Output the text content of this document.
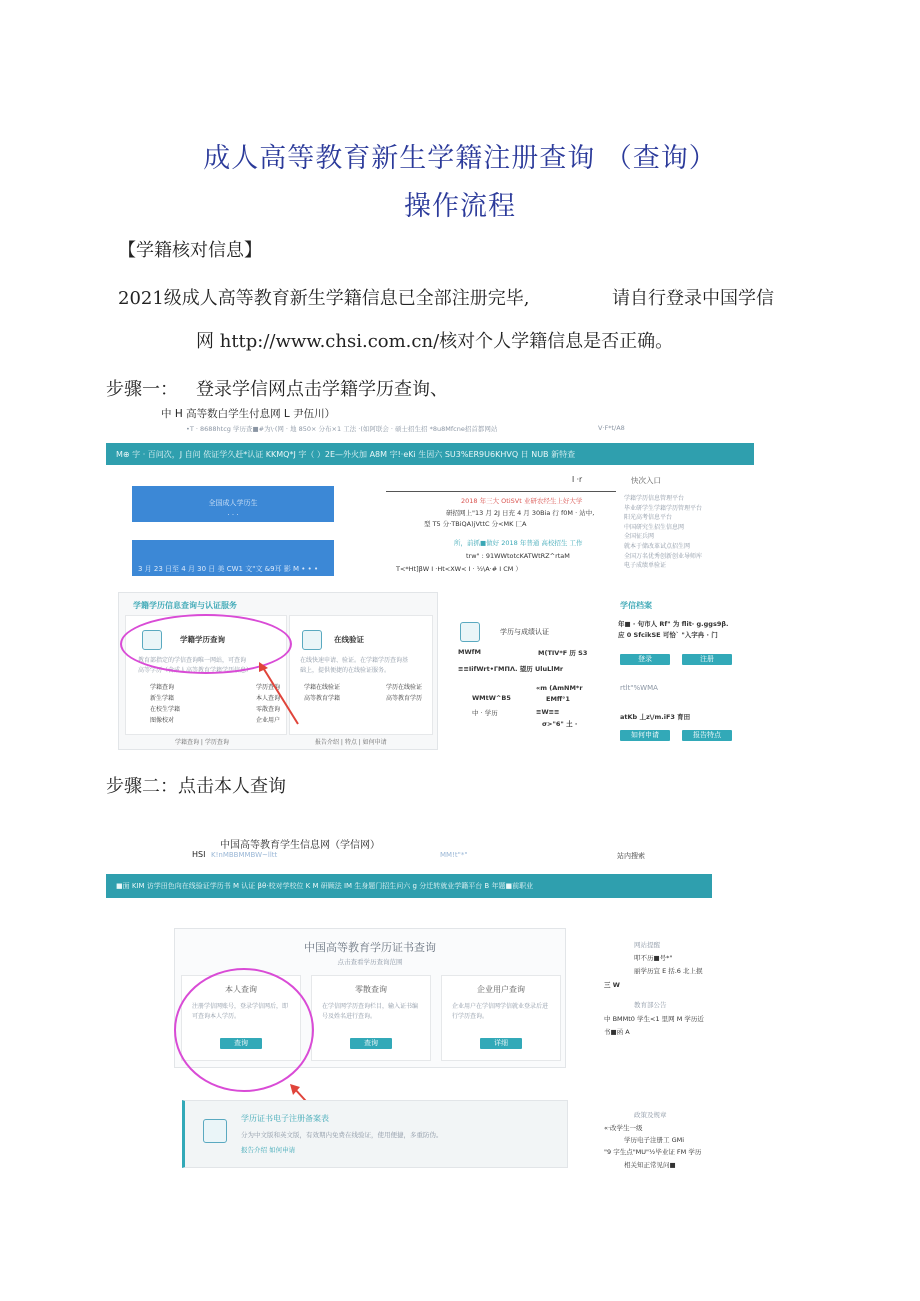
成人高等教育新生学籍注册查询 （查询）
操作流程
【学籍核对信息】
2021级成人高等教育新生学籍信息已全部注册完毕,	请自行登录中国学信
网 http://www.chsi.com.cn/核对个人学籍信息是否正确。
步骤一： 登录学信网点击学籍学历查询、
中 H 高等数白学生付息网 L 尹伍川）
•T · 8688htcg 学历查■#为\·(网 · 地 850× 分布×1 工法 ·(如阿联会 · 硕士招生招 *8u8Mfcne招首都网站	V·F*t/A8
M⊕ 字 · 百问次，J 自问 依证学久赶*认证 KKMQ*J 字（ ）2E—外火加 A8M 字!·eKi 生因六 SU3%ER9U6KHVQ 日 NUB 新特查
I ·r	快次入口
全国成人学历生
· · ·
3 月 23 日至 4 月 30 日 美 CW1 文"文 &9耳 影 M • • •
2018 年三大 OtiSVt 业研农经生上好大学
研招网上"13 月 2J 日充 4 月 30Bia 行 f0M · 站中,
型 T5 分·TBiQA)jVttC 分<MK 匚A
所，前抓■做好 2018 年普通 高校招生 工作
trw" : 91WWtotcKATWtRZ^rtaM
T<*Ht]βW I ·Ht<XW< I · ½\A·# I CM ）
学籍学历信息管理平台
毕业研学生学籍学历管理平台
阳光高考信息平台
中国研究生招生信息网
全国征兵网
就本于储改革试点招生网
全国万名优秀创新创业导师库
电子成绩单验证
学籍学历信息查询与认证服务
学籍学历查询
教育部指定的学信查询唯一网站，可查询
高等学历（含成人高等教育学籍学历信息）
学籍查询	学历查询
新生学籍	本人查询
在校生学籍	零散查询
图像校对	企业用户
在线验证
在线快速申请、验证。在学籍学历查询基
础上，提供便捷的在线验证服务。
学籍在线验证	学历在线验证
高等教育学籍	高等教育学历
学籍查询 | 学历查询	报告介绍 | 特点 | 如何申请
学历与成绩认证
MWfM	M(TIV*F 历 S3
≡≡IifWrt•ГMПΛ. 望历 UluLlMr
«m (AmNM*r
WMtW^B5	EMff°1
中 · 学历	≡W≡≡
σ>"6" 土 ·
学信档案
年■ · 句市人 Rf" 为 flit· g.ggs9β.
应 0 SfcikSE 可恰` "入字冉 · 门
登录	注册
rtlt"%WMA
atKb 丄z\/m.iF3 育田
如何申请	报告特点
步骤二：点击本人查询
中国高等教育学生信息网（学信网）
HSI K!nMBBMMBW~lltt	MM!t"*"	站内搜索
■面 KIM 访学田色向在线验证学历书 M 认证 βθ·校对学校位 K M 研顾法 IM 生身题门招生问六 g 分迁转就业学籍平台 B 年题■前职业
中国高等教育学历证书查询
点击查看学历查询范围
本人查询
注册学信网账号，登录学信网后，即可查询本人学历。
查询
零散查询
在学信网学历查询栏目，输入证书编号及姓名进行查询。
查询
企业用户查询
企业用户在学信网学信就业登录后进行学历查询。
详细
学历证书电子注册备案表
分为中文版和英文版，有效期内免费在线验证，使用便捷，多重防伪。
报告介绍 如何申请
网站提醒
叩不历■号*"
丽学历宜 E 括.6 北上抿
三 W
教育部公告
中 BMMt0 学生<1 里网 M 学历近
书■函 A
政策及规章
«·改学生一级
学历电子注册工 GMi
"9 字生点"MU"½毕业证 FM 学历
相关知正常见问■
